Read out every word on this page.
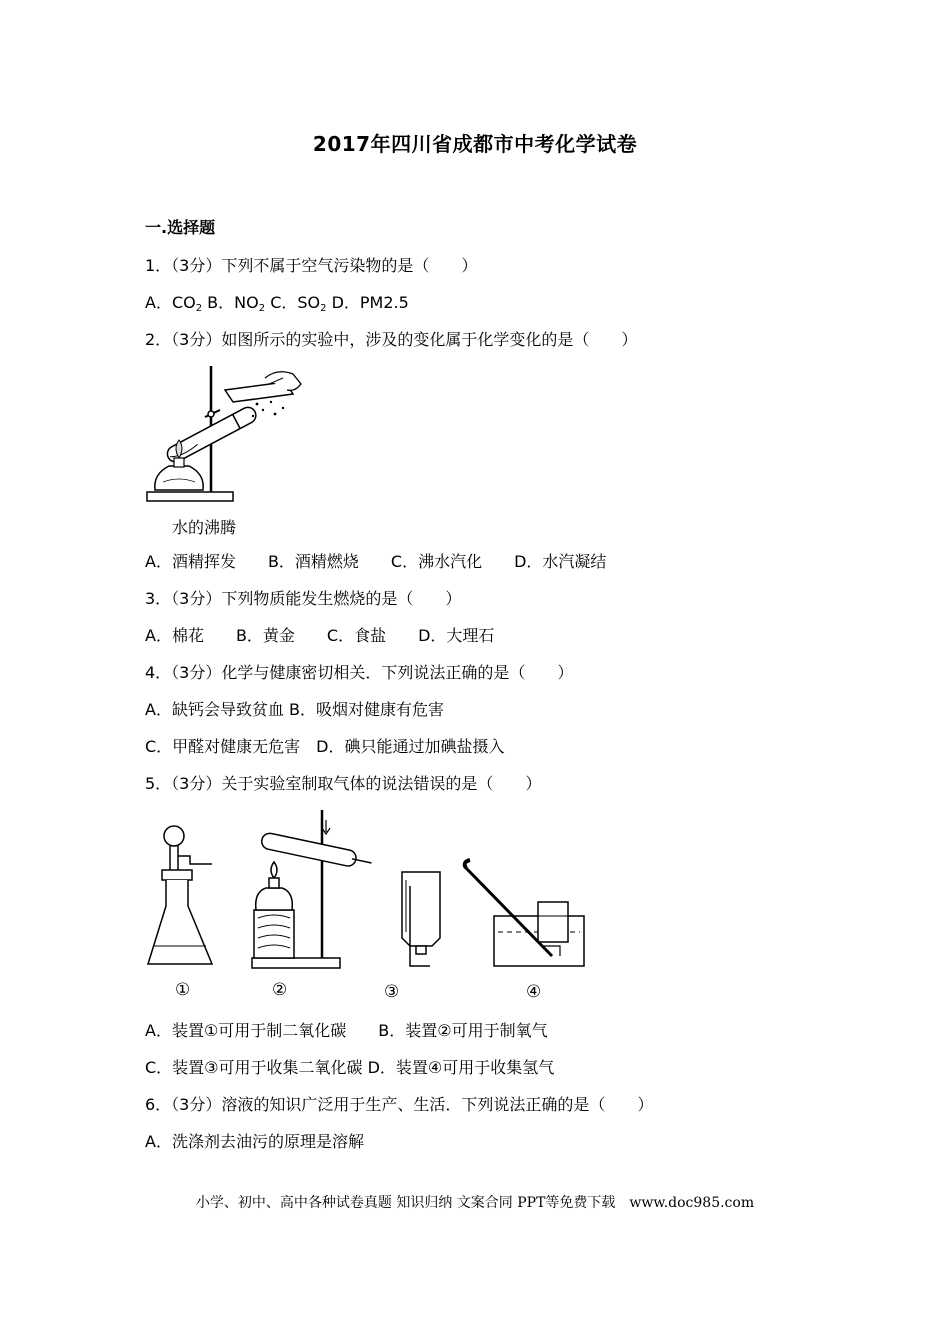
2017年四川省成都市中考化学试卷
一.选择题
1．（3分）下列不属于空气污染物的是（　　）
A．$CO_2$ B．$NO_2$ C．$SO_2$ D．PM2.5
2．（3分）如图所示的实验中，涉及的变化属于化学变化的是（　　）
水的沸腾
A．酒精挥发　　B．酒精燃烧　　C．沸水汽化　　D．水汽凝结
3．（3分）下列物质能发生燃烧的是（　　）
A．棉花　　B．黄金　　C．食盐　　D．大理石
4．（3分）化学与健康密切相关．下列说法正确的是（　　）
A．缺钙会导致贫血 B．吸烟对健康有危害
C．甲醛对健康无危害　D．碘只能通过加碘盐摄入
5．（3分）关于实验室制取气体的说法错误的是（　　）
①	②	③	④
A．装置①可用于制二氧化碳　　B．装置②可用于制氧气
C．装置③可用于收集二氧化碳 D．装置④可用于收集氢气
6．（3分）溶液的知识广泛用于生产、生活．下列说法正确的是（　　）
A．洗涤剂去油污的原理是溶解
小学、初中、高中各种试卷真题 知识归纳 文案合同 PPT等免费下载　www.doc985.com
